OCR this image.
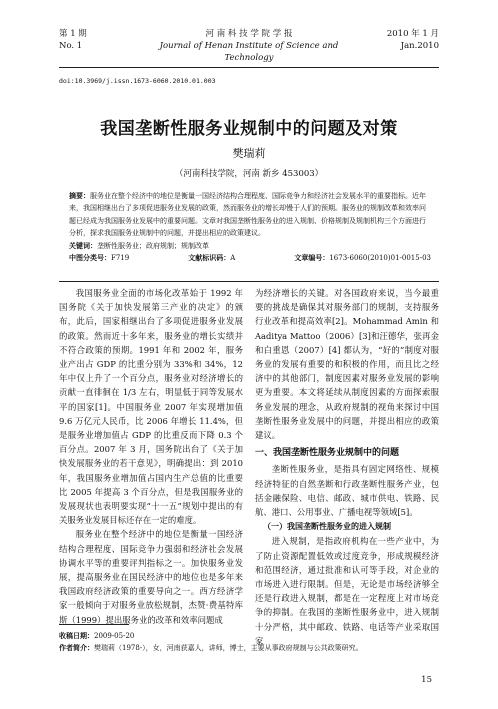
第 1 期	河 南 科 技 学 院 学 报	2010 年 1 月
No. 1	Journal of Henan Institute of Science and Technology
Jan.2010
doi:10.3969/j.issn.1673-6060.2010.01.003
我国垄断性服务业规制中的问题及对策
樊瑞莉
（河南科技学院，河南 新乡 453003）
摘要：服务业在整个经济中的地位是衡量一国经济结构合理程度、国际竞争力和经济社会发展水平的重要指标。近年来，我国相继出台了多项促进服务业发展的政策，然而服务业的增长却慢于人们的预期。服务业的规制改革和效率问题已经成为我国服务业发展中的重要问题。文章对我国垄断性服务业的进入规制、价格规制及规制机构三个方面进行分析，探求我国服务业规制中的问题，并提出相应的政策建议。
关键词：垄断性服务业；政府规制；规制改革
中图分类号：F719	文献标识码：A	文章编号：1673-6060(2010)01-0015-03

我国服务业全面的市场化改革始于 1992 年国务院《关于加快发展第三产业的决定》的颁布，此后，国家相继出台了多项促进服务业发展的政策。然而近十多年来，服务业的增长实绩并不符合政策的预期。1991 年和 2002 年，服务业产出占 GDP 的比重分别为 33%和 34%，12 年中仅上升了一个百分点，服务业对经济增长的贡献一直徘徊在 1/3 左右，明显低于同等发展水平的国家[1]。中国服务业 2007 年实现增加值 9.6 万亿元人民币，比 2006 年增长 11.4%，但是服务业增加值占 GDP 的比重反而下降 0.3 个百分点。2007 年 3 月，国务院出台了《关于加快发展服务业的若干意见》，明确提出：到 2010 年，我国服务业增加值占国内生产总值的比重要比 2005 年提高 3 个百分点，但是我国服务业的发展现状也表明要实现“十一五”规划中提出的有关服务业发展目标还存在一定的难度。

服务业在整个经济中的地位是衡量一国经济结构合理程度、国际竞争力强弱和经济社会发展协调水平等的重要评判指标之一。加快服务业发展，提高服务业在国民经济中的地位也是多年来我国政府经济政策的重要导向之一。西方经济学家一般倾向于对服务业放松规制，杰赞·费基特库斯（1999）提出服务业的改革和效率问题成

为经济增长的关键。对各国政府来说，当今最重要的挑战是确保其对服务部门的规制，支持服务行业改革和提高效率[2]。Mohammad Amin 和 Aaditya Mattoo（2006）[3]和汪德华，张再金和白重恩（2007）[4] 都认为，“好的”制度对服务业的发展有重要的和积极的作用，而且比之经济中的其他部门，制度因素对服务业发展的影响更为重要。本文将延续从制度因素的方面探索服务业发展的理念，从政府规制的视角来探讨中国垄断性服务业发展中的问题，并提出相应的政策建议。

一、我国垄断性服务业规制中的问题

垄断性服务业，是指具有固定网络性、规模经济特征的自然垄断和行政垄断性服务产业，包括金融保险、电信、邮政、城市供电、铁路、民航、港口、公用事业、广播电视等领域[5]。

（一）我国垄断性服务业的进入规制

进入规制，是指政府机构在一些产业中，为了防止资源配置低效或过度竞争，形成规模经济和范围经济，通过批准和认可等手段，对企业的市场进入进行限制。但是，无论是市场经济够全还是行政进入规制，都是在一定程度上对市场竞争的抑制。在我国的垄断性服务业中，进入规制十分严格，其中邮政、铁路、电话等产业采取国家

收稿日期：2009-05-20
作者简介：樊瑞莉（1978-），女，河南获嘉人，讲师，博士，主要从事政府规制与公共政策研究。
15
